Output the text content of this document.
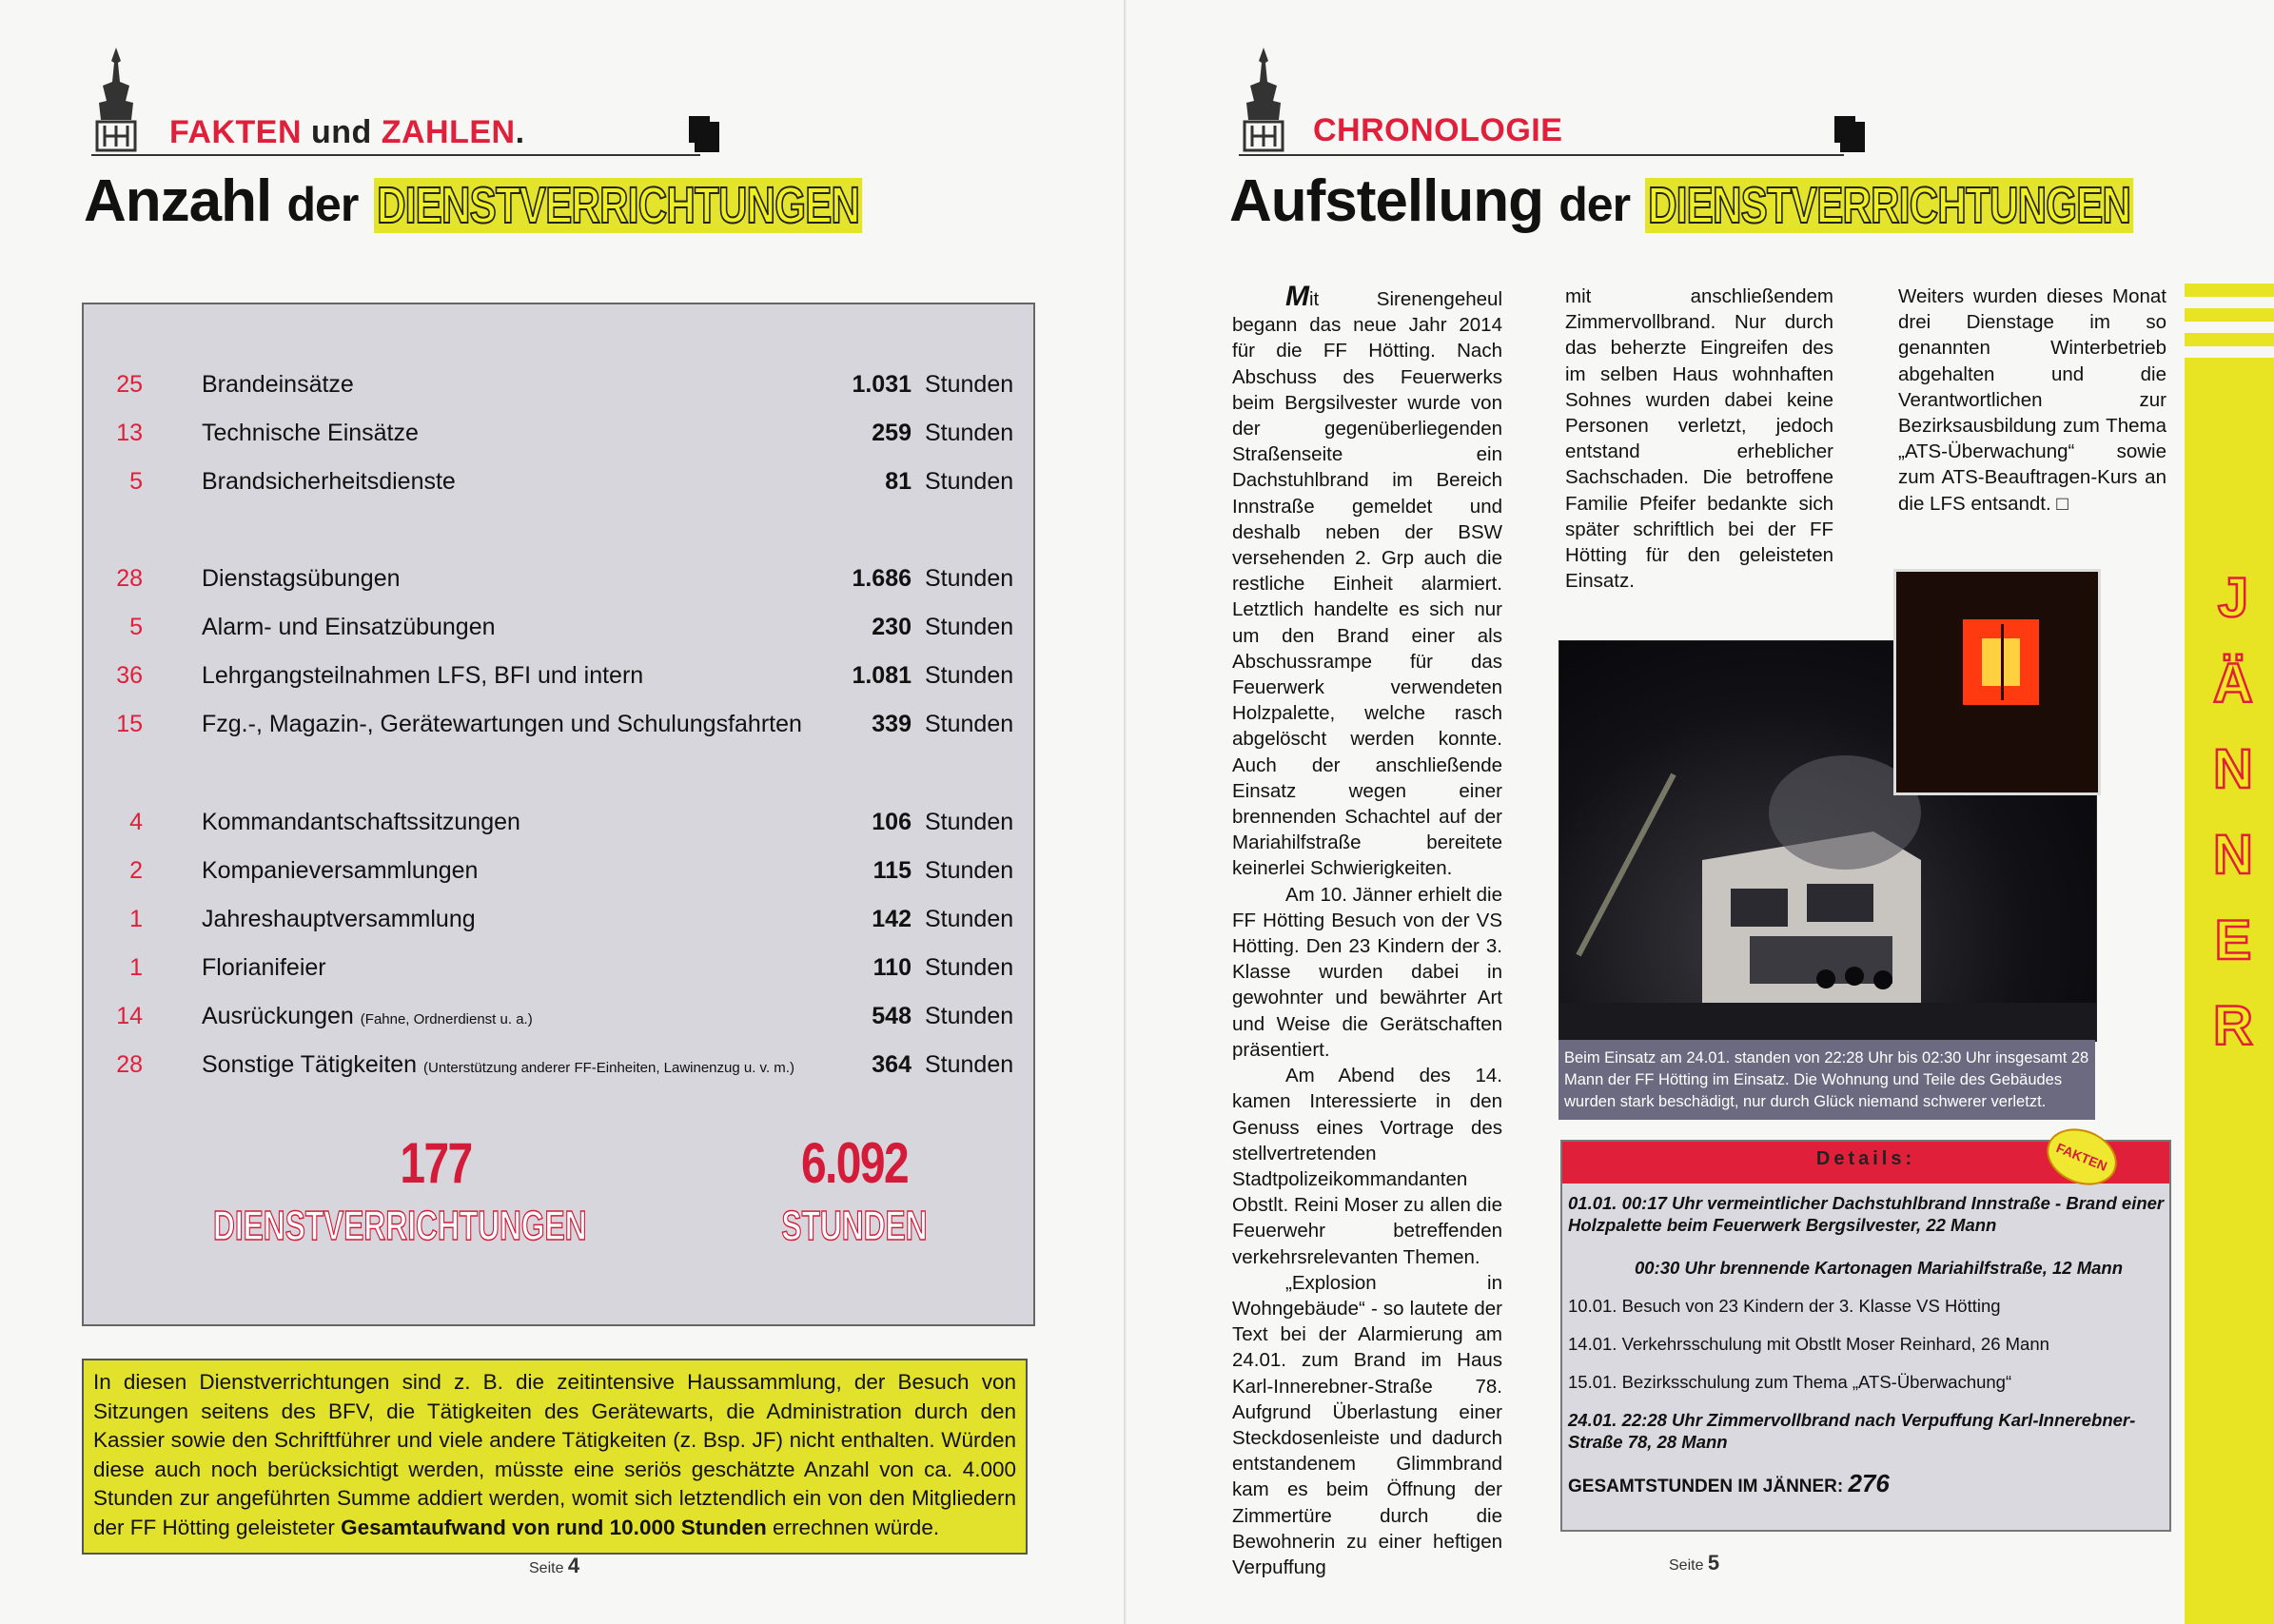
FAKTEN und ZAHLEN.
Anzahl der DIENSTVERRICHTUNGEN
25 Brandeinsätze	1.031 Stunden
13 Technische Einsätze	259 Stunden
5 Brandsicherheitsdienste	81 Stunden
28 Dienstagsübungen	1.686 Stunden
5 Alarm- und Einsatzübungen	230 Stunden
36 Lehrgangsteilnahmen LFS, BFI und intern	1.081 Stunden
15 Fzg.-, Magazin-, Gerätewartungen und Schulungsfahrten	339 Stunden
4 Kommandantschaftssitzungen	106 Stunden
2 Kompanieversammlungen	115 Stunden
1 Jahreshauptversammlung	142 Stunden
1 Florianifeier	110 Stunden
14 Ausrückungen (Fahne, Ordnerdienst u. a.)	548 Stunden
28 Sonstige Tätigkeiten (Unterstützung anderer FF-Einheiten, Lawinenzug u. v. m.)	364 Stunden
177
DIENSTVERRICHTUNGEN
6.092
STUNDEN
In diesen Dienstverrichtungen sind z. B. die zeitintensive Haussammlung, der Besuch von Sitzungen seitens des BFV, die Tätigkeiten des Gerätewarts, die Administration durch den Kassier sowie den Schriftführer und viele andere Tätigkeiten (z. Bsp. JF) nicht enthalten. Würden diese auch noch berücksichtigt werden, müsste eine seriös geschätzte Anzahl von ca. 4.000 Stunden zur angeführten Summe addiert werden, womit sich letztendlich ein von den Mitgliedern der FF Hötting geleisteter Gesamtaufwand von rund 10.000 Stunden errechnen würde.
Seite 4
CHRONOLOGIE
Aufstellung der DIENSTVERRICHTUNGEN

Mit Sirenengeheul begann das neue Jahr 2014 für die FF Hötting. Nach Abschuss des Feuerwerks beim Bergsilvester wurde von der gegenüberliegenden Straßenseite ein Dachstuhlbrand im Bereich Innstraße gemeldet und deshalb neben der BSW versehenden 2. Grp auch die restliche Einheit alarmiert. Letztlich handelte es sich nur um den Brand einer als Abschussrampe für das Feuerwerk verwendeten Holzpalette, welche rasch abgelöscht werden konnte. Auch der anschließende Einsatz wegen einer brennenden Schachtel auf der Mariahilfstraße bereitete keinerlei Schwierigkeiten.

Am 10. Jänner erhielt die FF Hötting Besuch von der VS Hötting. Den 23 Kindern der 3. Klasse wurden dabei in gewohnter und bewährter Art und Weise die Gerätschaften präsentiert.

Am Abend des 14. kamen Interessierte in den Genuss eines Vortrage des stellvertretenden Stadtpolizeikommandanten Obstlt. Reini Moser zu allen die Feuerwehr betreffenden verkehrsrelevanten Themen.

„Explosion in Wohngebäude“ - so lautete der Text bei der Alarmierung am 24.01. zum Brand im Haus Karl-Innerebner-Straße 78. Aufgrund Überlastung einer Steckdosenleiste und dadurch entstandenem Glimmbrand kam es beim Öffnung der Zimmertüre durch die Bewohnerin zu einer heftigen Verpuffung

mit anschließendem Zimmervollbrand. Nur durch das beherzte Eingreifen des im selben Haus wohnhaften Sohnes wurden dabei keine Personen verletzt, jedoch entstand erheblicher Sachschaden. Die betroffene Familie Pfeifer bedankte sich später schriftlich bei der FF Hötting für den geleisteten Einsatz.
Weiters wurden dieses Monat drei Dienstage im so genannten Winterbetrieb abgehalten und die Verantwortlichen zur Bezirksausbildung zum Thema „ATS-Überwachung“ sowie zum ATS-Beauftragen-Kurs an die LFS entsandt. □
Beim Einsatz am 24.01. standen von 22:28 Uhr bis 02:30 Uhr insgesamt 28 Mann der FF Hötting im Einsatz. Die Wohnung und Teile des Gebäudes wurden stark beschädigt, nur durch Glück niemand schwerer verletzt.
Details:
01.01. 00:17 Uhr vermeintlicher Dachstuhlbrand Innstraße - Brand einer Holzpalette beim Feuerwerk Bergsilvester, 22 Mann
00:30 Uhr brennende Kartonagen Mariahilfstraße, 12 Mann
10.01. Besuch von 23 Kindern der 3. Klasse VS Hötting
14.01. Verkehrsschulung mit Obstlt Moser Reinhard, 26 Mann
15.01. Bezirksschulung zum Thema „ATS-Überwachung“
24.01. 22:28 Uhr Zimmervollbrand nach Verpuffung Karl-Innerebner-Straße 78, 28 Mann
GESAMTSTUNDEN IM JÄNNER: 276
FAKTEN
J
Ä
N
N
E
R
Seite 5
